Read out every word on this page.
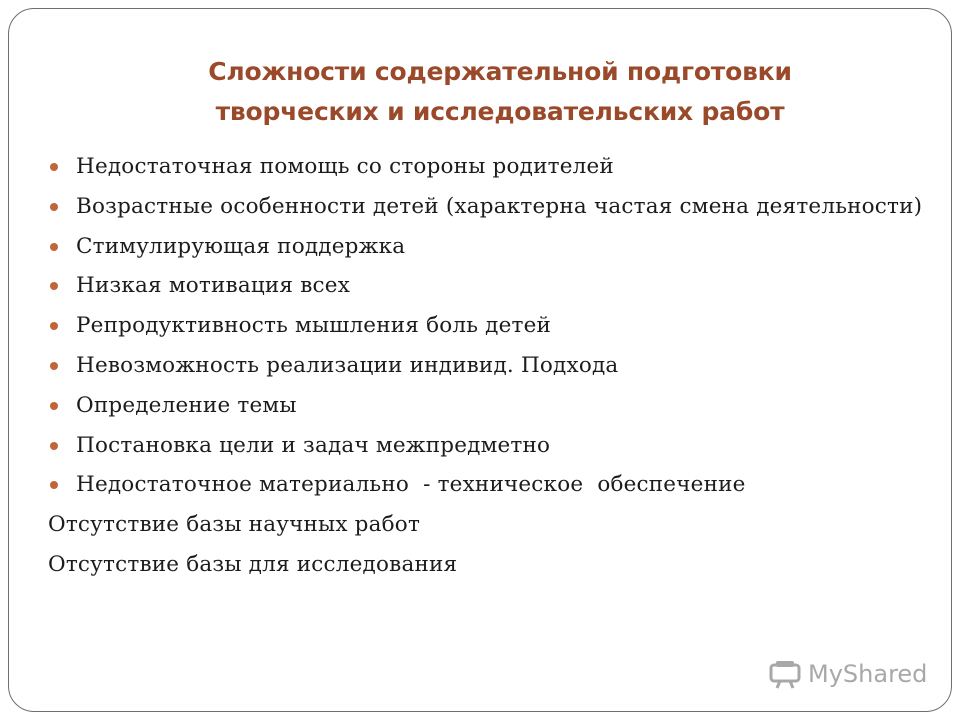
Сложности содержательной подготовки
творческих и исследовательских работ
Недостаточная помощь со стороны родителей
Возрастные особенности детей (характерна частая смена деятельности)
Стимулирующая поддержка
Низкая мотивация всех
Репродуктивность мышления боль детей
Невозможность реализации индивид. Подхода
Определение темы
Постановка цели и задач межпредметно
Недостаточное материально  - техническое  обеспечение
Отсутствие базы научных работ
Отсутствие базы для исследования
MyShared
